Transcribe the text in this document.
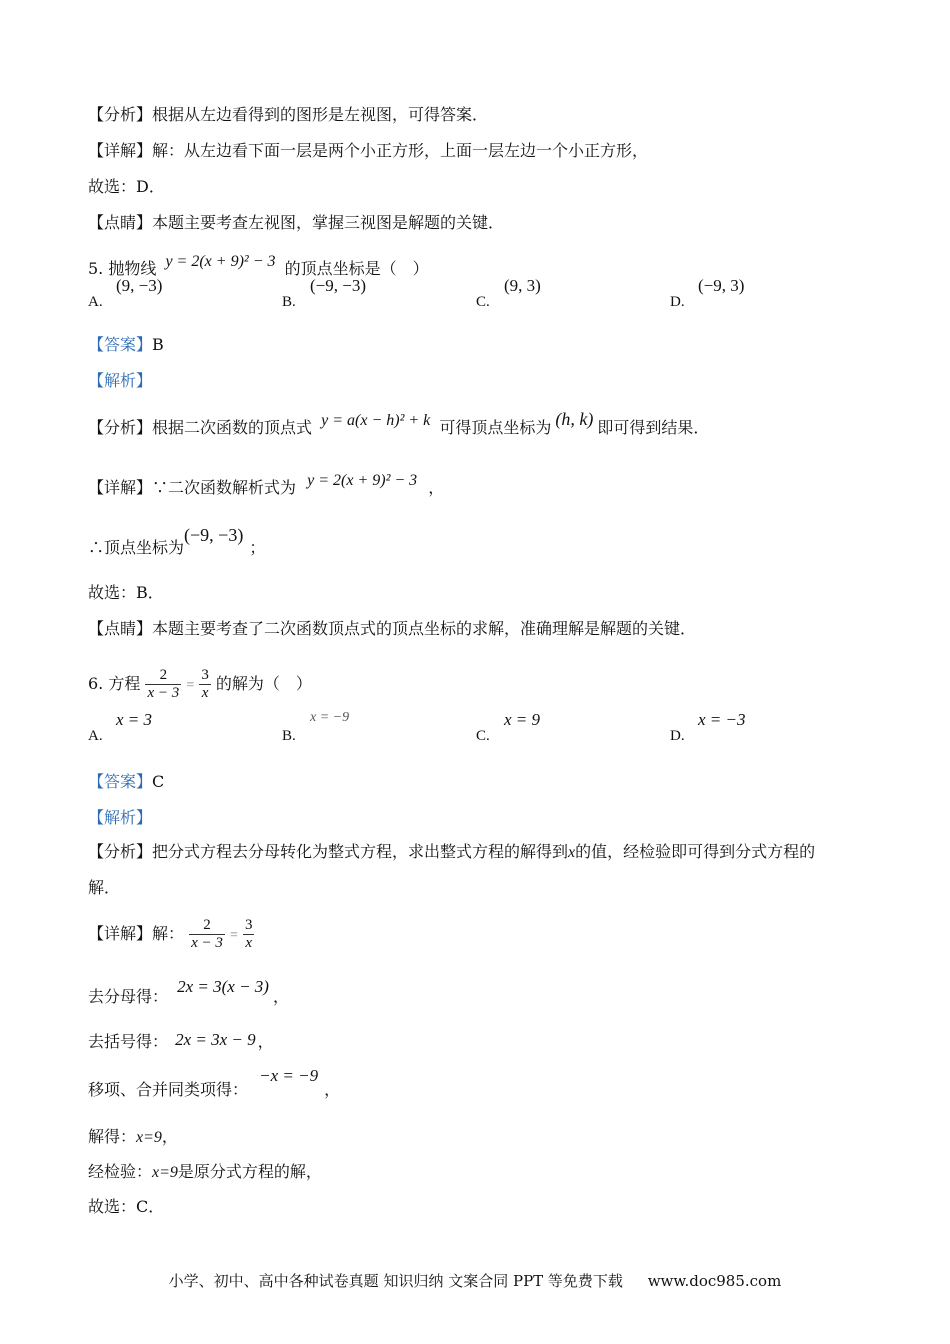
【分析】根据从左边看得到的图形是左视图，可得答案．
【详解】解：从左边看下面一层是两个小正方形，上面一层左边一个小正方形，
故选：D．
【点睛】本题主要考查左视图，掌握三视图是解题的关键．
5. 抛物线 y = 2(x + 9)² − 3 的顶点坐标是（　）
A.
(9, −3)
B.
(−9, −3)
C.
(9, 3)
D.
(−9, 3)
【答案】B
【解析】
【分析】根据二次函数的顶点式 y = a(x − h)² + k 可得顶点坐标为 (h, k) 即可得到结果．
【详解】∵二次函数解析式为 y = 2(x + 9)² − 3 ，
∴顶点坐标为(−9, −3)；
故选：B．
【点睛】本题主要考查了二次函数顶点式的顶点坐标的求解，准确理解是解题的关键．
6. 方程 $\frac{2}{x - 3} = \frac{3}{x}$ 的解为（　）
A.
x = 3
B.
x = −9
C.
x = 9
D.
x = −3
【答案】C
【解析】
【分析】把分式方程去分母转化为整式方程，求出整式方程的解得到x的值，经检验即可得到分式方程的
解．
【详解】解： $\frac{2}{x - 3} = \frac{3}{x}$
去分母得： 2x = 3(x − 3)，
去括号得： 2x = 3x − 9 ，
移项、合并同类项得： −x = −9，
解得：x=9，
经检验：x=9是原分式方程的解，
故选：C．
小学、初中、高中各种试卷真题 知识归纳 文案合同 PPT 等免费下载 www.doc985.com
